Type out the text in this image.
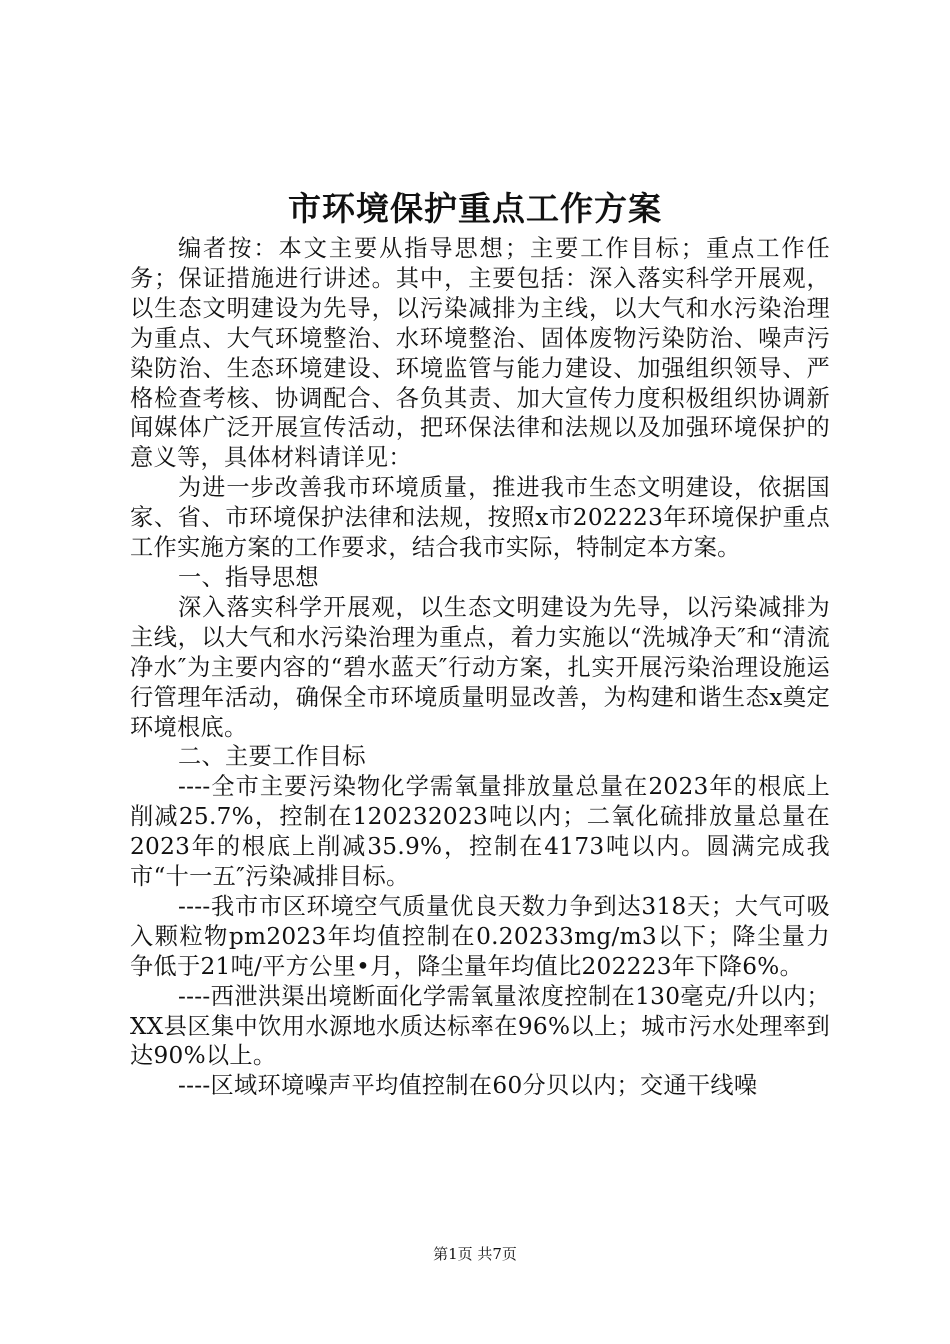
市环境保护重点工作方案

编者按：本文主要从指导思想；主要工作目标；重点工作任务；保证措施进行讲述。其中，主要包括：深入落实科学开展观，以生态文明建设为先导，以污染减排为主线，以大气和水污染治理为重点、大气环境整治、水环境整治、固体废物污染防治、噪声污染防治、生态环境建设、环境监管与能力建设、加强组织领导、严格检查考核、协调配合、各负其责、加大宣传力度积极组织协调新闻媒体广泛开展宣传活动，把环保法律和法规以及加强环境保护的意义等，具体材料请详见：

为进一步改善我市环境质量，推进我市生态文明建设，依据国家、省、市环境保护法律和法规，按照x市202223年环境保护重点工作实施方案的工作要求，结合我市实际，特制定本方案。

一、指导思想

深入落实科学开展观，以生态文明建设为先导，以污染减排为主线，以大气和水污染治理为重点，着力实施以“洗城净天″和“清流净水″为主要内容的“碧水蓝天″行动方案，扎实开展污染治理设施运行管理年活动，确保全市环境质量明显改善，为构建和谐生态x奠定环境根底。

二、主要工作目标

----全市主要污染物化学需氧量排放量总量在2023年的根底上削减25.7%，控制在120232023吨以内；二氧化硫排放量总量在2023年的根底上削减35.9%，控制在4173吨以内。圆满完成我市“十一五″污染减排目标。

----我市市区环境空气质量优良天数力争到达318天；大气可吸入颗粒物pm2023年均值控制在0.20233mg/m3以下；降尘量力争低于21吨/平方公里•月，降尘量年均值比202223年下降6%。

----西泄洪渠出境断面化学需氧量浓度控制在130毫克/升以内；XX县区集中饮用水源地水质达标率在96%以上；城市污水处理率到达90%以上。

----区域环境噪声平均值控制在60分贝以内；交通干线噪

第1页 共7页
